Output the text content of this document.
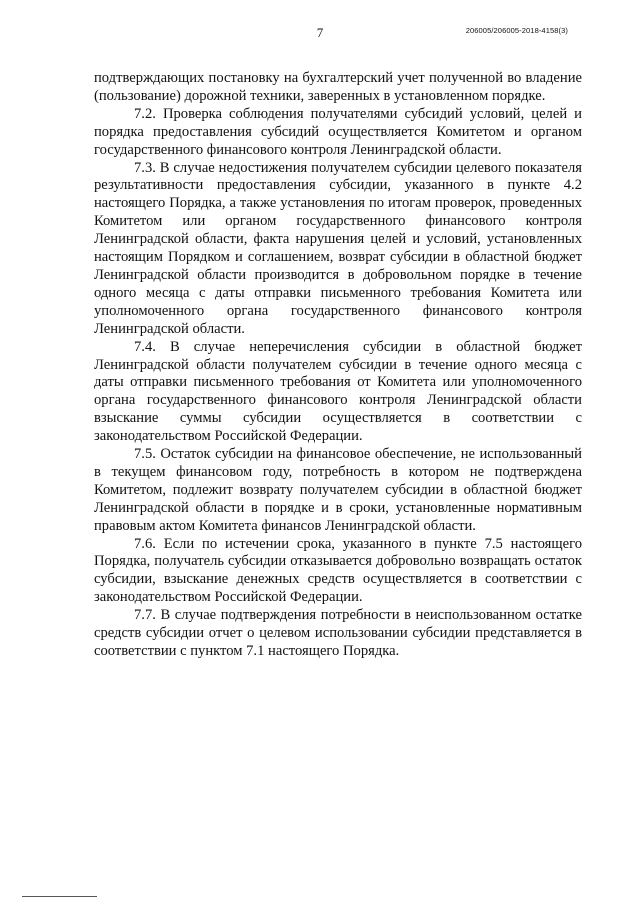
7	206005/206005-2018-4158(3)

подтверждающих постановку на бухгалтерский учет полученной во владение (пользование) дорожной техники, заверенных в установленном порядке.

7.2. Проверка соблюдения получателями субсидий условий, целей и порядка предоставления субсидий осуществляется Комитетом и органом государственного финансового контроля Ленинградской области.

7.3. В случае недостижения получателем субсидии целевого показателя результативности предоставления субсидии, указанного в пункте 4.2 настоящего Порядка, а также установления по итогам проверок, проведенных Комитетом или органом государственного финансового контроля Ленинградской области, факта нарушения целей и условий, установленных настоящим Порядком и соглашением, возврат субсидии в областной бюджет Ленинградской области производится в добровольном порядке в течение одного месяца с даты отправки письменного требования Комитета или уполномоченного органа государственного финансового контроля Ленинградской области.

7.4. В случае неперечисления субсидии в областной бюджет Ленинградской области получателем субсидии в течение одного месяца с даты отправки письменного требования от Комитета или уполномоченного органа государственного финансового контроля Ленинградской области взыскание суммы субсидии осуществляется в соответствии с законодательством Российской Федерации.

7.5. Остаток субсидии на финансовое обеспечение, не использованный в текущем финансовом году, потребность в котором не подтверждена Комитетом, подлежит возврату получателем субсидии в областной бюджет Ленинградской области в порядке и в сроки, установленные нормативным правовым актом Комитета финансов Ленинградской области.

7.6. Если по истечении срока, указанного в пункте 7.5 настоящего Порядка, получатель субсидии отказывается добровольно возвращать остаток субсидии, взыскание денежных средств осуществляется в соответствии с законодательством Российской Федерации.

7.7. В случае подтверждения потребности в неиспользованном остатке средств субсидии отчет о целевом использовании субсидии представляется в соответствии с пунктом 7.1 настоящего Порядка.
